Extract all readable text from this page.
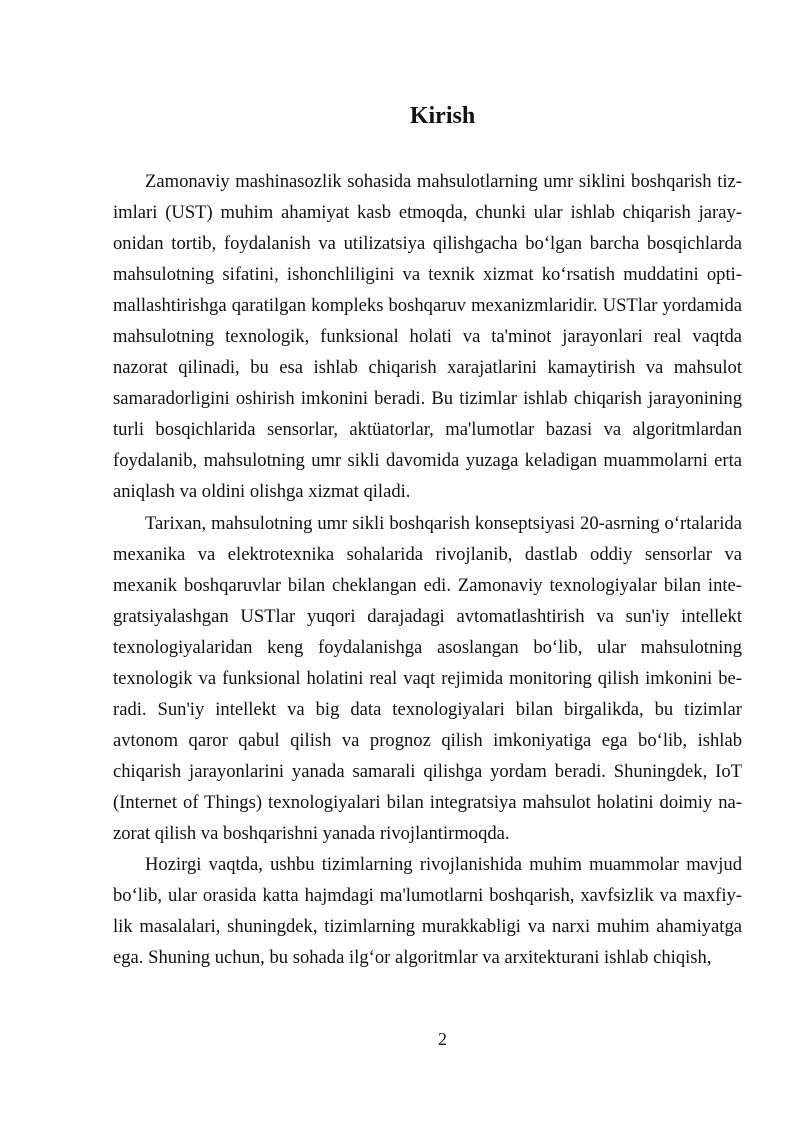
Kirish

Zamonaviy mashinasozlik sohasida mahsulotlarning umr siklini boshqarish tizimlari (UST) muhim ahamiyat kasb etmoqda, chunki ular ishlab chiqarish jarayonidan tortib, foydalanish va utilizatsiya qilishgacha bo‘lgan barcha bosqichlarda mahsulotning sifatini, ishonchliligini va texnik xizmat ko‘rsatish muddatini optimallashtirishga qaratilgan kompleks boshqaruv mexanizmlaridir. USTlar yordamida mahsulotning texnologik, funksional holati va ta'minot jarayonlari real vaqtda nazorat qilinadi, bu esa ishlab chiqarish xarajatlarini kamaytirish va mahsulot samaradorligini oshirish imkonini beradi. Bu tizimlar ishlab chiqarish jarayonining turli bosqichlarida sensorlar, aktüatorlar, ma'lumotlar bazasi va algoritmlardan foydalanib, mahsulotning umr sikli davomida yuzaga keladigan muammolarni erta aniqlash va oldini olishga xizmat qiladi.

Tarixan, mahsulotning umr sikli boshqarish konseptsiyasi 20-asrning o‘rtalarida mexanika va elektrotexnika sohalarida rivojlanib, dastlab oddiy sensorlar va mexanik boshqaruvlar bilan cheklangan edi. Zamonaviy texnologiyalar bilan integratsiyalashgan USTlar yuqori darajadagi avtomatlashtirish va sun'iy intellekt texnologiyalaridan keng foydalanishga asoslangan bo‘lib, ular mahsulotning texnologik va funksional holatini real vaqt rejimida monitoring qilish imkonini beradi. Sun'iy intellekt va big data texnologiyalari bilan birgalikda, bu tizimlar avtonom qaror qabul qilish va prognoz qilish imkoniyatiga ega bo‘lib, ishlab chiqarish jarayonlarini yanada samarali qilishga yordam beradi. Shuningdek, IoT (Internet of Things) texnologiyalari bilan integratsiya mahsulot holatini doimiy nazorat qilish va boshqarishni yanada rivojlantirmoqda.

Hozirgi vaqtda, ushbu tizimlarning rivojlanishida muhim muammolar mavjud bo‘lib, ular orasida katta hajmdagi ma'lumotlarni boshqarish, xavfsizlik va maxfiylik masalalari, shuningdek, tizimlarning murakkabligi va narxi muhim ahamiyatga ega. Shuning uchun, bu sohada ilg‘or algoritmlar va arxitekturani ishlab chiqish,

2
